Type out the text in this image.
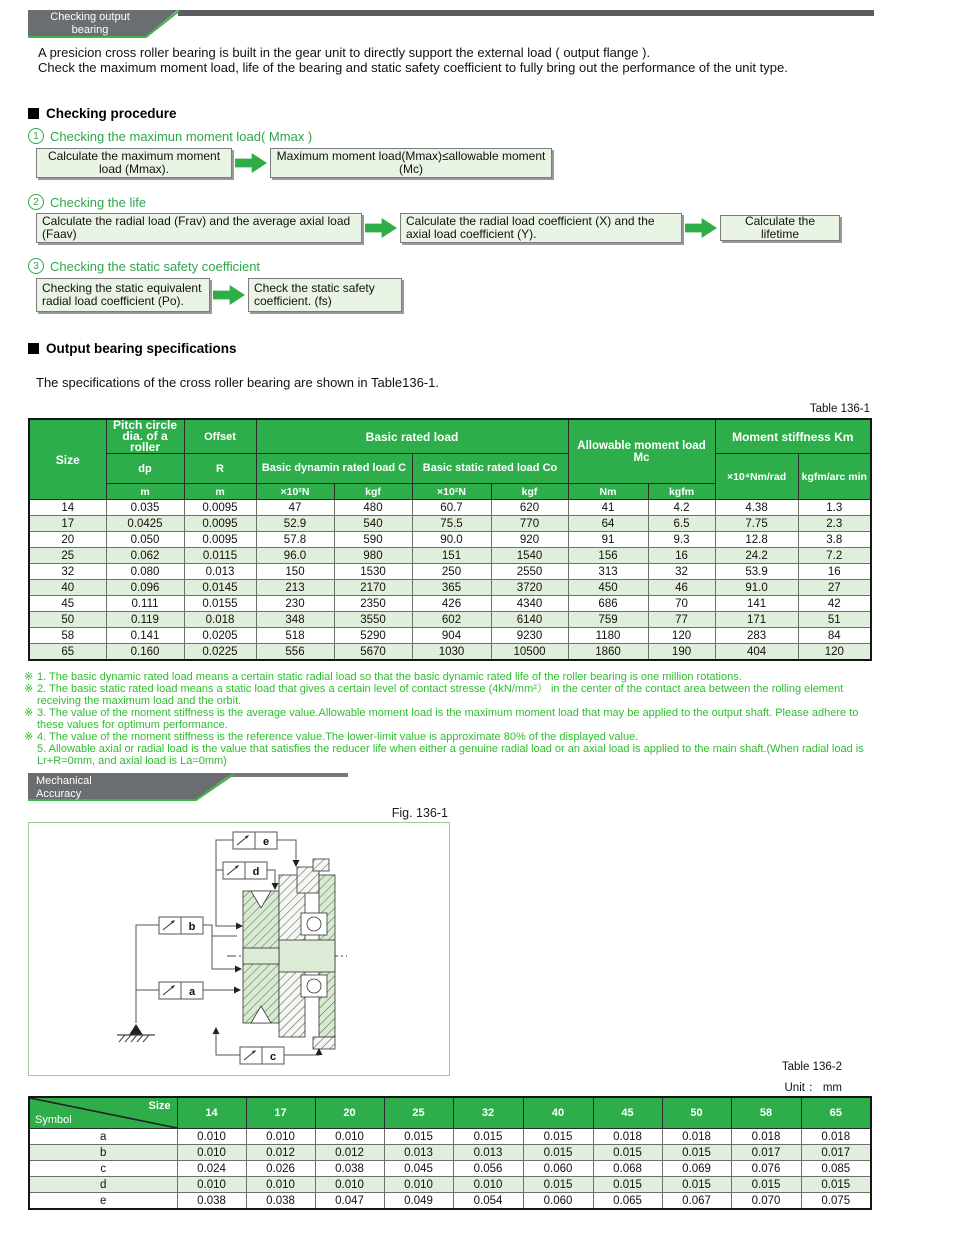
Checking output
bearing
A presicion cross roller bearing is built in the gear unit to directly support the external load ( output flange ).
Check the maximum moment load, life of the bearing and static safety coefficient to fully bring out the performance of the unit type.
Checking procedure
1 Checking the maximun moment load( Mmax )
Calculate the maximum moment load (Mmax).
Maximum moment load(Mmax)≤allowable moment (Mc)
2 Checking the life
Calculate the radial load (Frav) and the average axial load (Faav)
Calculate the radial load coefficient (X) and the axial load coefficient (Y).
Calculate the lifetime
3 Checking the static safety coefficient
Checking the static equivalent radial load coefficient (Po).
Check the static safety coefficient. (fs)
Output bearing specifications
The specifications of the cross roller bearing are shown in Table136-1.
Table 136-1
Size	Pitch circle dia. of a roller	Offset	Basic rated load				Allowable moment load Mc		Moment stiffness Km	
	dp	R	Basic dynamin rated load C		Basic static rated load Co				×10⁴Nm/rad	kgfm/arc min
	m	m	×10²N	kgf	×10²N	kgf	Nm	kgfm		
14	0.035	0.0095	47	480	60.7	620	41	4.2	4.38	1.3
17	0.0425	0.0095	52.9	540	75.5	770	64	6.5	7.75	2.3
20	0.050	0.0095	57.8	590	90.0	920	91	9.3	12.8	3.8
25	0.062	0.0115	96.0	980	151	1540	156	16	24.2	7.2
32	0.080	0.013	150	1530	250	2550	313	32	53.9	16
40	0.096	0.0145	213	2170	365	3720	450	46	91.0	27
45	0.111	0.0155	230	2350	426	4340	686	70	141	42
50	0.119	0.018	348	3550	602	6140	759	77	171	51
58	0.141	0.0205	518	5290	904	9230	1180	120	283	84
65	0.160	0.0225	556	5670	1030	10500	1860	190	404	120
※ 1. The basic dynamic rated load means a certain static radial load so that the basic dynamic rated life of the roller bearing is one million rotations.
※ 2. The basic static rated load means a static load that gives a certain level of contact stresse (4kN/mm²） in the center of the contact area between the rolling element receiving the maximum load and the orbit.
※ 3. The value of the moment stiffness is the average value.Allowable moment load is the maximum moment load that may be applied to the output shaft. Please adhere to these values for optimum performance.
※ 4. The value of the moment stiffness is the reference value.The lower-limit value is approximate 80% of the displayed value.
5. Allowable axial or radial load is the value that satisfies the reducer life when either a genuine radial load or an axial load is applied to the main shaft.(When radial load is Lr+R=0mm, and axial load is La=0mm)
Mechanical
Accuracy
Fig. 136-1
e
d
b
a
c
Table 136-2
Unit ： mm
Size
Symbol	14	17	20	25	32	40	45	50	58	65
a	0.010	0.010	0.010	0.015	0.015	0.015	0.018	0.018	0.018	0.018
b	0.010	0.012	0.012	0.013	0.013	0.015	0.015	0.015	0.017	0.017
c	0.024	0.026	0.038	0.045	0.056	0.060	0.068	0.069	0.076	0.085
d	0.010	0.010	0.010	0.010	0.010	0.015	0.015	0.015	0.015	0.015
e	0.038	0.038	0.047	0.049	0.054	0.060	0.065	0.067	0.070	0.075
